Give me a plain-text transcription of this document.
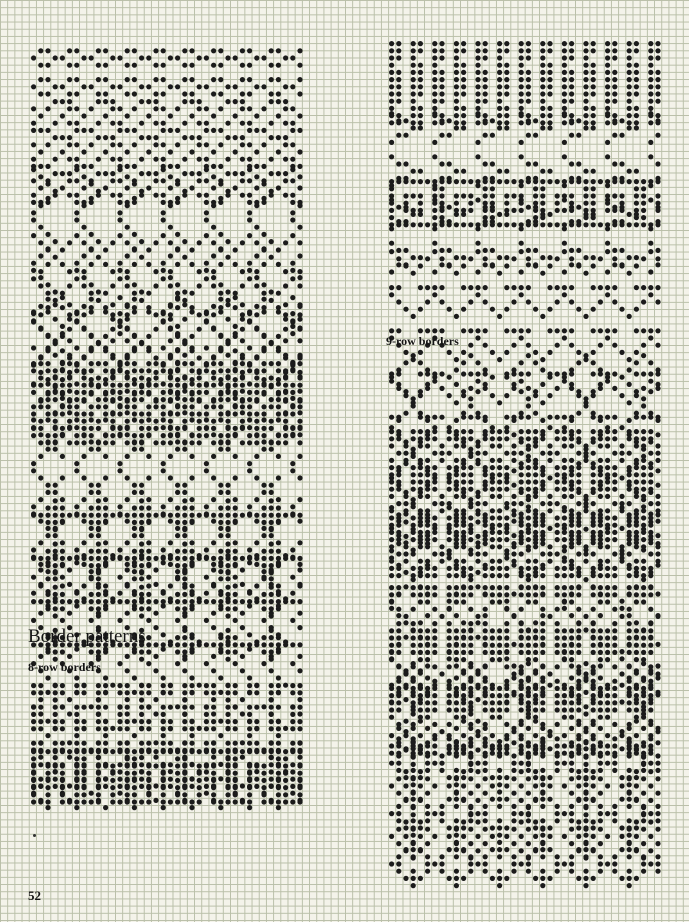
Border patterns
8-row borders
9-row borders
52
